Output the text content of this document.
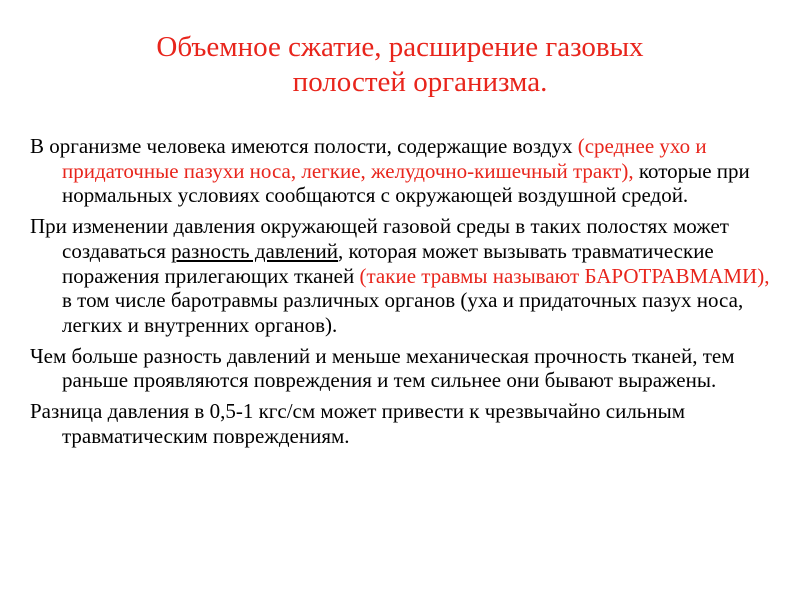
Объемное сжатие, расширение газовых
полостей организма.

В организме человека имеются полости, содержащие воздух (среднее ухо и придаточные пазухи носа, легкие, желудочно-кишечный тракт), которые при нормальных условиях сообщаются с окружающей воздушной средой.

При изменении давления окружающей газовой среды в таких полостях может создаваться разность давлений, которая может вызывать травматические поражения прилегающих тканей (такие травмы называют БАРОТРАВМАМИ), в том числе баротравмы различных органов (уха и придаточных пазух носа, легких и внутренних органов).

Чем больше разность давлений и меньше механическая прочность тканей, тем раньше проявляются повреждения и тем сильнее они бывают выражены.

Разница давления в 0,5-1 кгс/см может привести к чрезвычайно сильным травматическим повреждениям.
